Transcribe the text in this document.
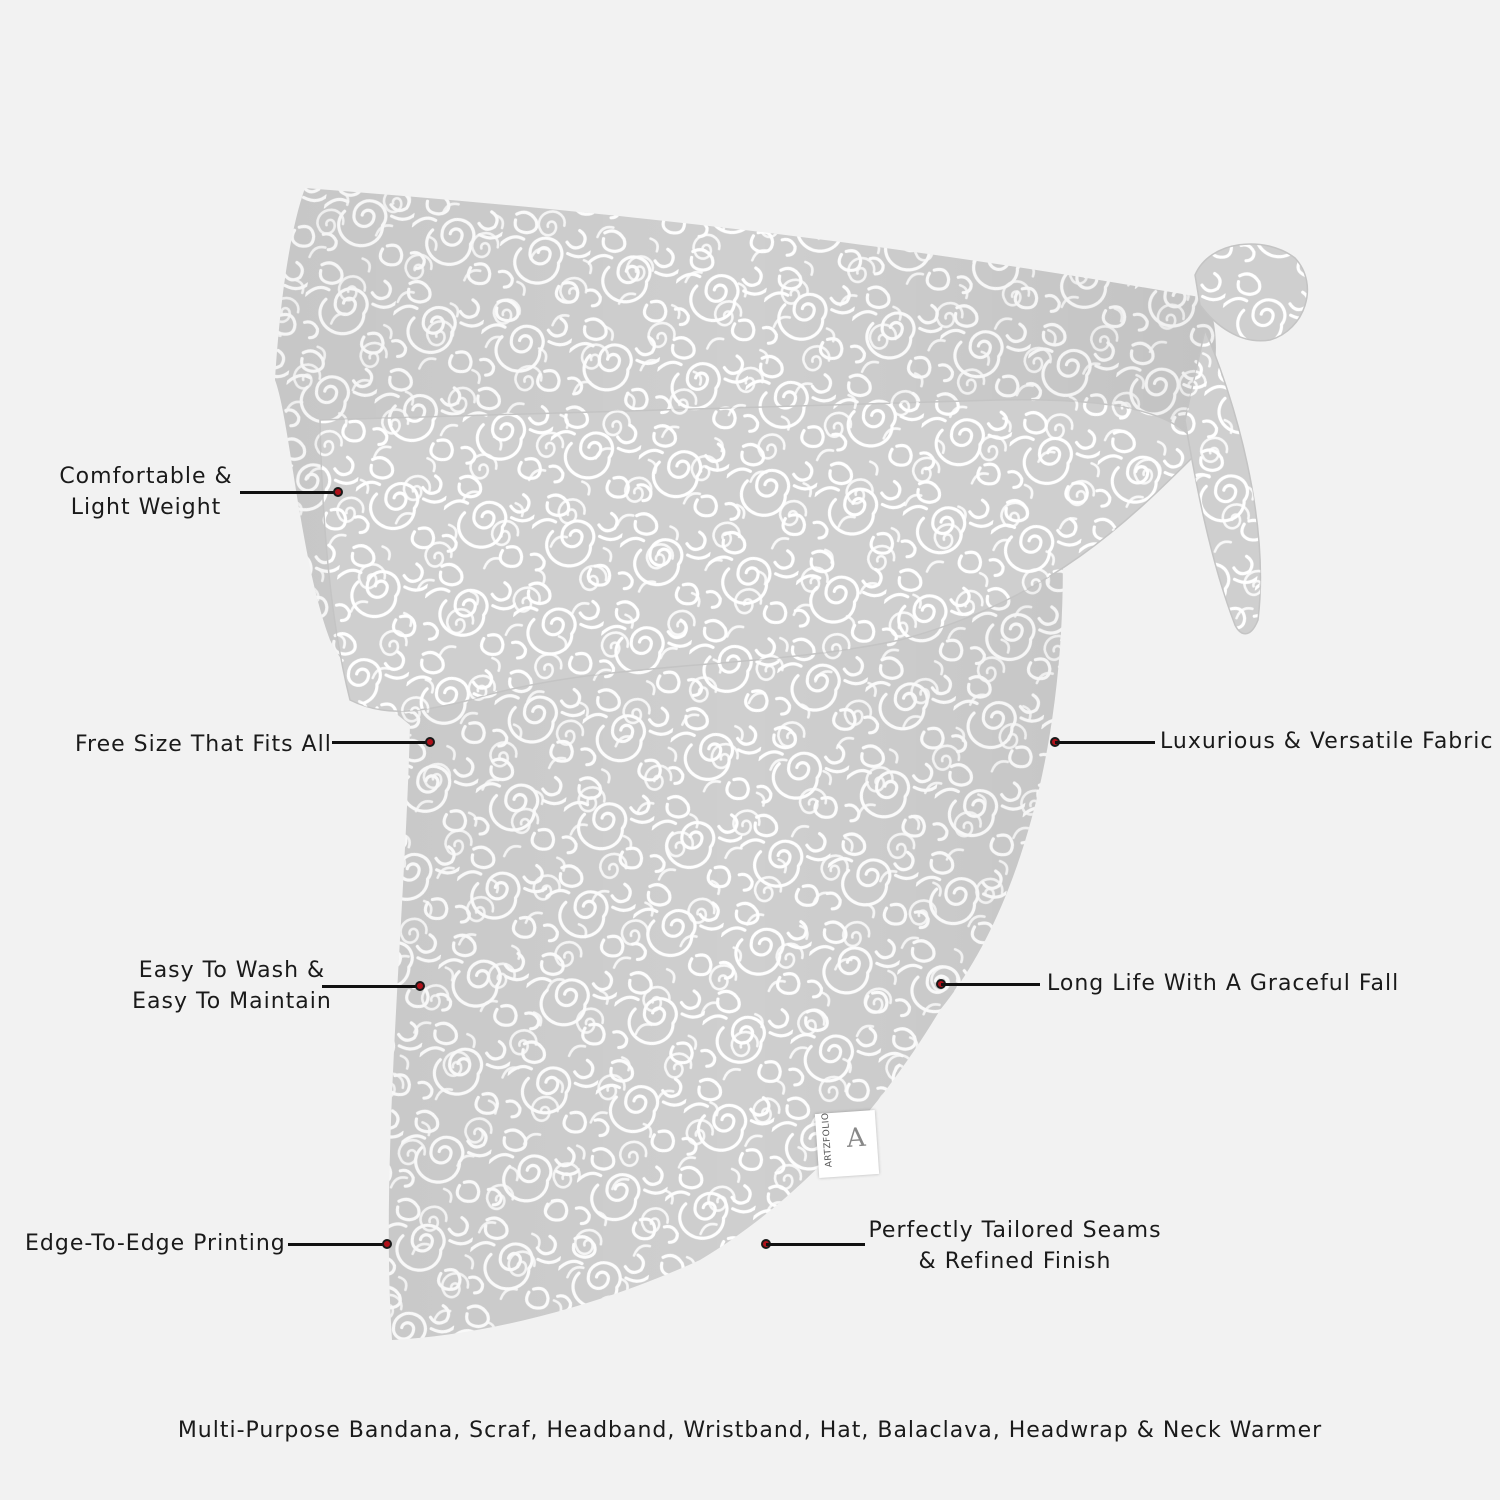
ARTZFOLIO A
Comfortable &
Light Weight
Free Size That Fits All
Easy To Wash &
Easy To Maintain
Edge-To-Edge Printing
Luxurious & Versatile Fabric
Long Life With A Graceful Fall
Perfectly Tailored Seams
& Refined Finish
Multi-Purpose Bandana, Scraf, Headband, Wristband, Hat, Balaclava, Headwrap & Neck Warmer
